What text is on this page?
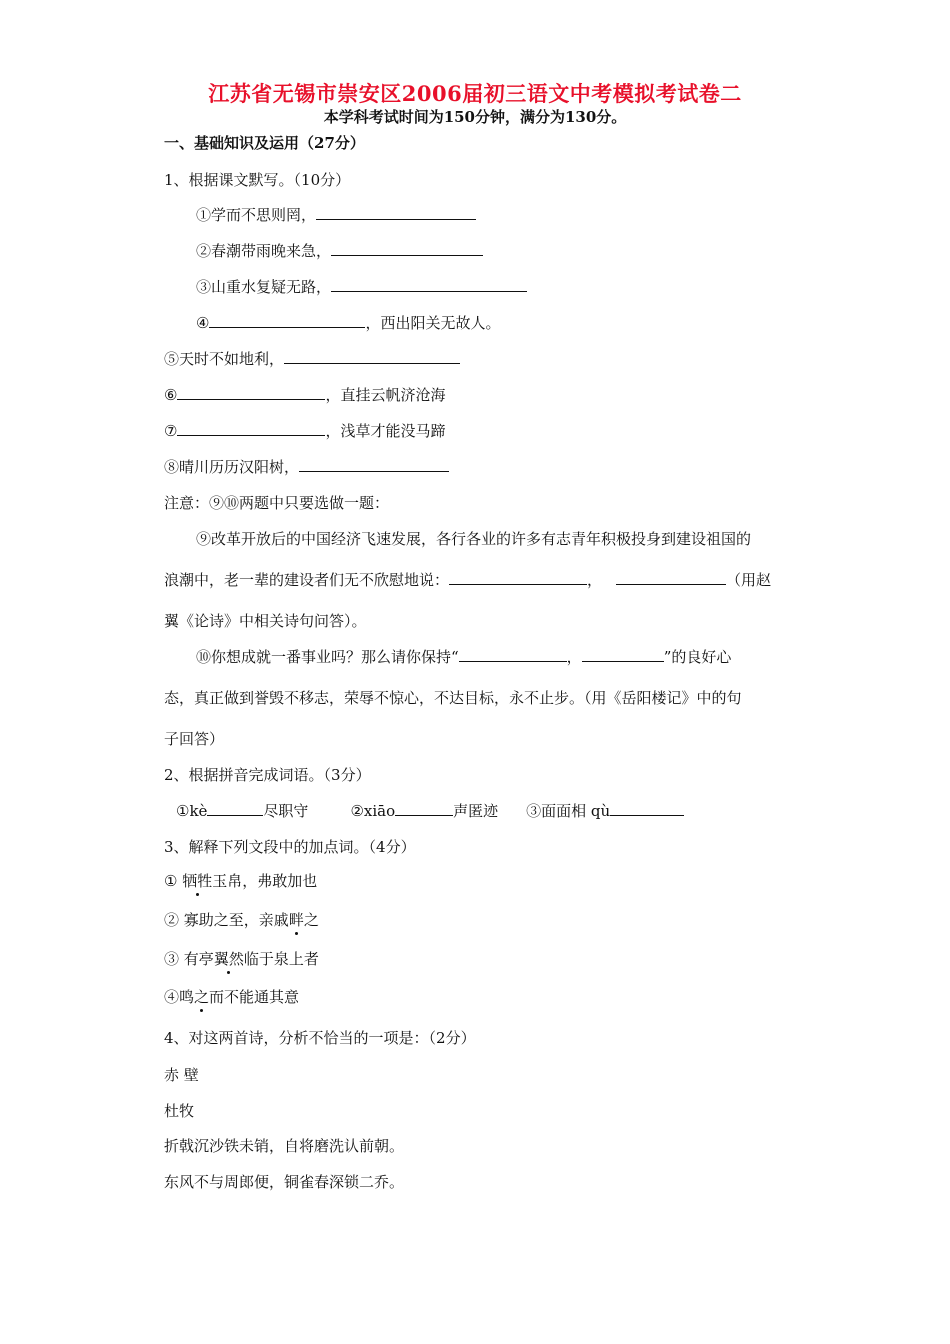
江苏省无锡市崇安区2006届初三语文中考模拟考试卷二
本学科考试时间为150分钟，满分为130分。
一、基础知识及运用（27分）
1、根据课文默写。（10分）
①学而不思则罔，
②春潮带雨晚来急，
③山重水复疑无路，
④	，西出阳关无故人。
⑤天时不如地利，
⑥	，直挂云帆济沧海
⑦	，浅草才能没马蹄
⑧晴川历历汉阳树，
注意：⑨⑩两题中只要选做一题：
⑨改革开放后的中国经济飞速发展，各行各业的许多有志青年积极投身到建设祖国的
浪潮中，老一辈的建设者们无不欣慰地说：	，	（用赵
翼《论诗》中相关诗句问答）。
⑩你想成就一番事业吗？那么请你保持“	，	”的良好心
态，真正做到誉毁不移志，荣辱不惊心，不达目标，永不止步。（用《岳阳楼记》中的句
子回答）
2、根据拼音完成词语。（3分）
①kè	尽职守	②xiāo	声匿迹 ③面面相 qù
3、解释下列文段中的加点词。（4分）
① 牺牲玉帛，弗敢加也
② 寡助之至，亲戚畔之
③ 有亭翼然临于泉上者
④鸣之而不能通其意
4、对这两首诗，分析不恰当的一项是：（2分）
赤 壁
杜牧
折戟沉沙铁未销，自将磨洗认前朝。
东风不与周郎便，铜雀春深锁二乔。
